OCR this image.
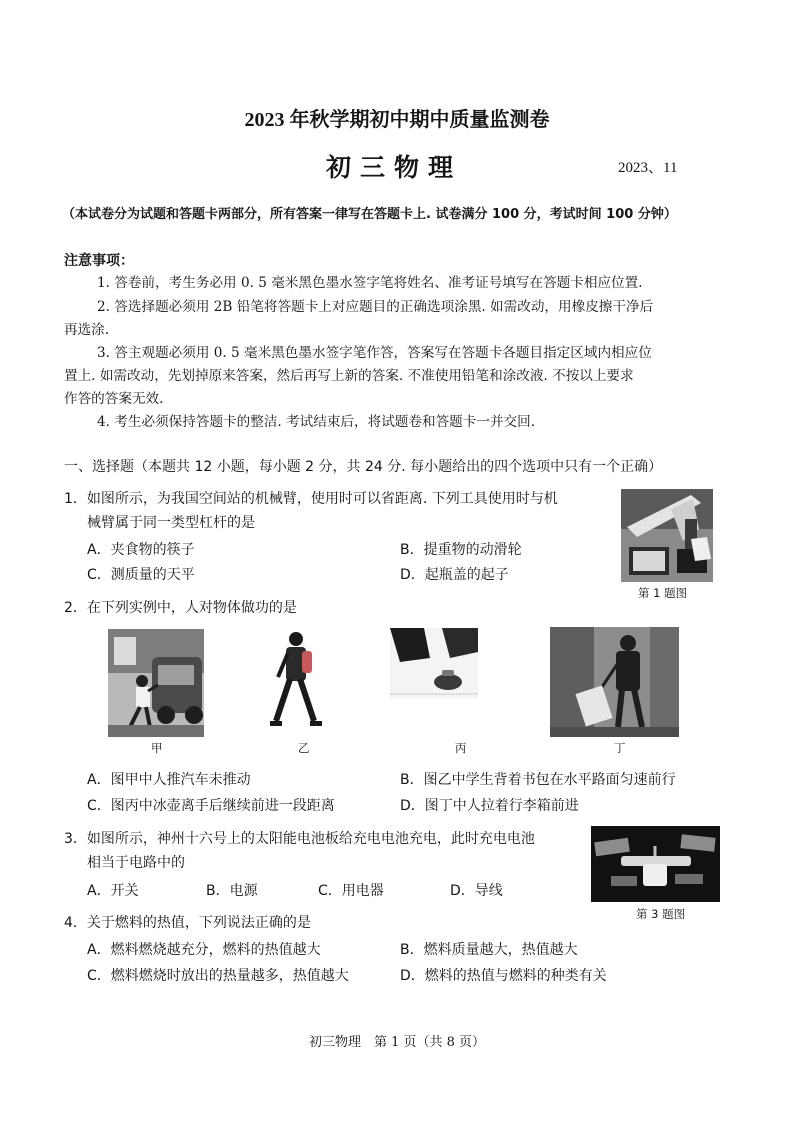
2023 年秋学期初中期中质量监测卷
初三物理	2023、11
（本试卷分为试题和答题卡两部分，所有答案一律写在答题卡上. 试卷满分 100 分，考试时间 100 分钟）
注意事项：
1. 答卷前，考生务必用 0. 5 毫米黑色墨水签字笔将姓名、准考证号填写在答题卡相应位置.
2. 答选择题必须用 2B 铅笔将答题卡上对应题目的正确选项涂黑. 如需改动，用橡皮擦干净后
再选涂.
3. 答主观题必须用 0. 5 毫米黑色墨水签字笔作答，答案写在答题卡各题目指定区域内相应位
置上. 如需改动，先划掉原来答案，然后再写上新的答案. 不准使用铅笔和涂改液. 不按以上要求
作答的答案无效.
4. 考生必须保持答题卡的整洁. 考试结束后，将试题卷和答题卡一并交回.
一、选择题（本题共 12 小题，每小题 2 分，共 24 分. 每小题给出的四个选项中只有一个正确）
1．如图所示，为我国空间站的机械臂，使用时可以省距离. 下列工具使用时与机
械臂属于同一类型杠杆的是
A．夹食物的筷子	B．提重物的动滑轮
C．测质量的天平	D．起瓶盖的起子
第 1 题图
2．在下列实例中，人对物体做功的是
甲	乙	丙	丁
A．图甲中人推汽车未推动	B．图乙中学生背着书包在水平路面匀速前行
C．图丙中冰壶离手后继续前进一段距离	D．图丁中人拉着行李箱前进
3．如图所示，神州十六号上的太阳能电池板给充电电池充电，此时充电电池
相当于电路中的
A．开关	B．电源	C．用电器	D．导线
第 3 题图
4．关于燃料的热值，下列说法正确的是
A．燃料燃烧越充分，燃料的热值越大	B．燃料质量越大，热值越大
C．燃料燃烧时放出的热量越多，热值越大	D．燃料的热值与燃料的种类有关
初三物理　第 1 页（共 8 页）
